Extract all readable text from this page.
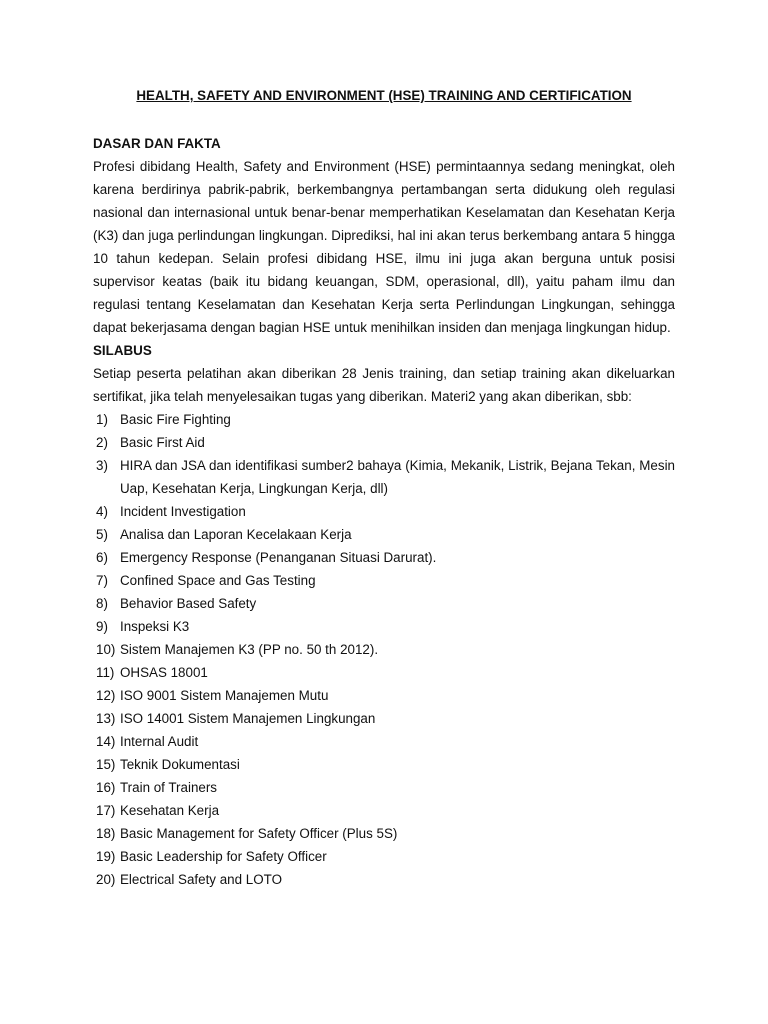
HEALTH, SAFETY AND ENVIRONMENT (HSE) TRAINING AND CERTIFICATION
DASAR DAN FAKTA

Profesi dibidang Health, Safety and Environment (HSE) permintaannya sedang meningkat, oleh karena berdirinya pabrik-pabrik, berkembangnya pertambangan serta didukung oleh regulasi nasional dan internasional untuk benar-benar memperhatikan Keselamatan dan Kesehatan Kerja (K3) dan juga perlindungan lingkungan. Diprediksi, hal ini akan terus berkembang antara 5 hingga 10 tahun kedepan. Selain profesi dibidang HSE, ilmu ini juga akan berguna untuk posisi supervisor keatas (baik itu bidang keuangan, SDM, operasional, dll), yaitu paham ilmu dan regulasi tentang Keselamatan dan Kesehatan Kerja serta Perlindungan Lingkungan, sehingga dapat bekerjasama dengan bagian HSE untuk menihilkan insiden dan menjaga lingkungan hidup.

SILABUS

Setiap peserta pelatihan akan diberikan 28 Jenis training, dan setiap training akan dikeluarkan sertifikat, jika telah menyelesaikan tugas yang diberikan. Materi2 yang akan diberikan, sbb:

1) Basic Fire Fighting
2) Basic First Aid
3) HIRA dan JSA dan identifikasi sumber2 bahaya (Kimia, Mekanik, Listrik, Bejana Tekan, Mesin Uap, Kesehatan Kerja, Lingkungan Kerja, dll)
4) Incident Investigation
5) Analisa dan Laporan Kecelakaan Kerja
6) Emergency Response (Penanganan Situasi Darurat).
7) Confined Space and Gas Testing
8) Behavior Based Safety
9) Inspeksi K3
10) Sistem Manajemen K3 (PP no. 50 th 2012).
11) OHSAS 18001
12) ISO 9001 Sistem Manajemen Mutu
13) ISO 14001 Sistem Manajemen Lingkungan
14) Internal Audit
15) Teknik Dokumentasi
16) Train of Trainers
17) Kesehatan Kerja
18) Basic Management for Safety Officer (Plus 5S)
19) Basic Leadership for Safety Officer
20) Electrical Safety and LOTO
